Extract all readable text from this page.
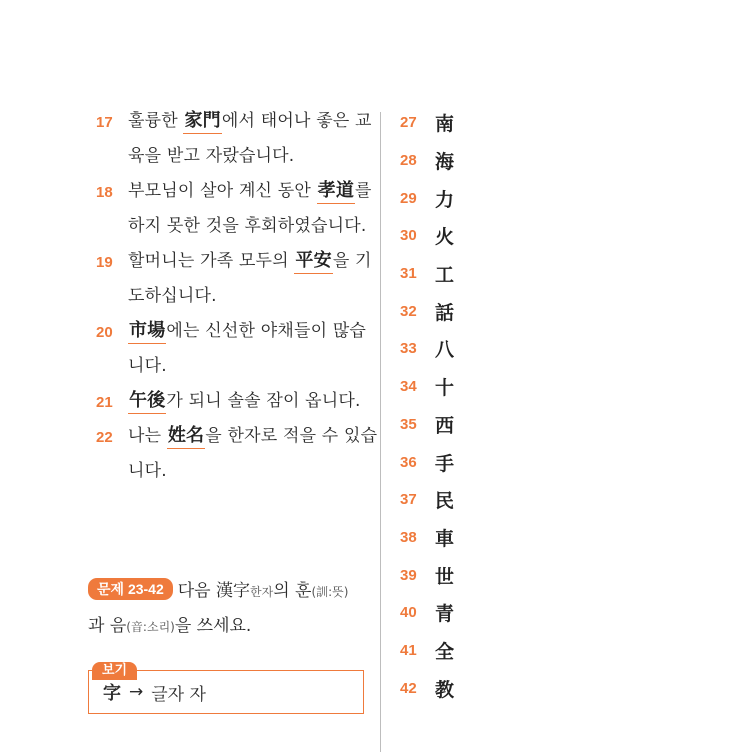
17 훌륭한 家門에서 태어나 좋은 교육을 받고 자랐습니다.
18 부모님이 살아 계신 동안 孝道를 하지 못한 것을 후회하였습니다.
19 할머니는 가족 모두의 平安을 기도하십니다.
20 市場에는 신선한 야채들이 많습니다.
21 午後가 되니 솔솔 잠이 옵니다.
22 나는 姓名을 한자로 적을 수 있습니다.
27 南
28 海
29 力
30 火
31 工
32 話
33 八
34 十
35 西
36 手
37 民
38 車
39 世
40 青
41 全
42 教
문제 23-42 다음 漢字한자의 훈(訓:뜻)
과 음(音:소리)을 쓰세요.
字 → 글자 자
보기
